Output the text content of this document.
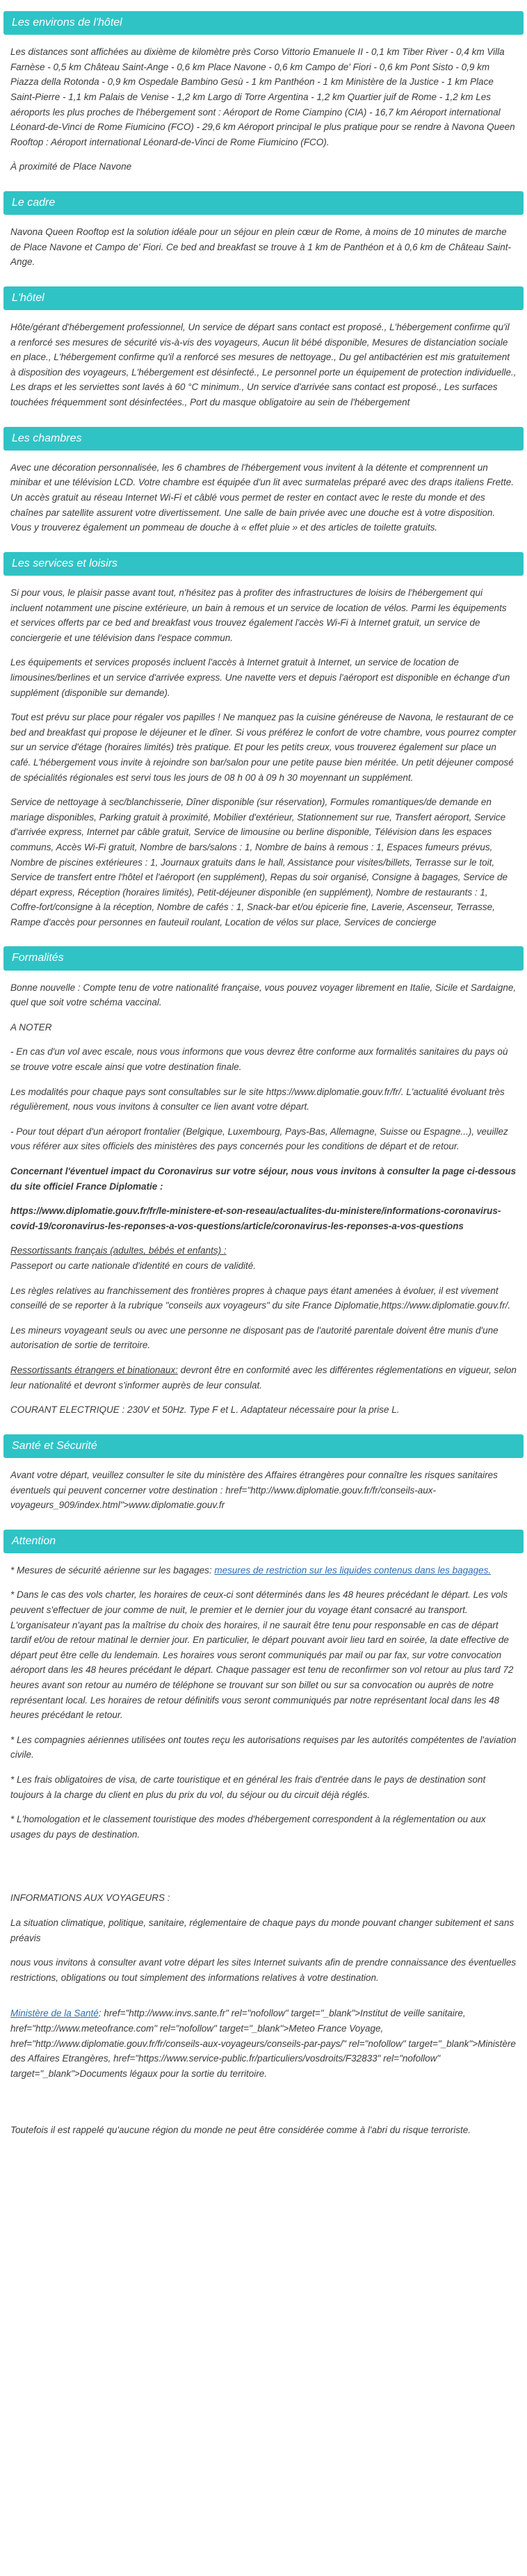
Les environs de l'hôtel

Les distances sont affichées au dixième de kilomètre près Corso Vittorio Emanuele II - 0,1 km Tiber River - 0,4 km Villa Farnèse - 0,5 km Château Saint-Ange - 0,6 km Place Navone - 0,6 km Campo de' Fiori - 0,6 km Pont Sisto - 0,9 km Piazza della Rotonda - 0,9 km Ospedale Bambino Gesù - 1 km Panthéon - 1 km Ministère de la Justice - 1 km Place Saint-Pierre - 1,1 km Palais de Venise - 1,2 km Largo di Torre Argentina - 1,2 km Quartier juif de Rome - 1,2 km Les aéroports les plus proches de l'hébergement sont : Aéroport de Rome Ciampino (CIA) - 16,7 km Aéroport international Léonard-de-Vinci de Rome Fiumicino (FCO) - 29,6 km Aéroport principal le plus pratique pour se rendre à Navona Queen Rooftop : Aéroport international Léonard-de-Vinci de Rome Fiumicino (FCO).

À proximité de Place Navone

Le cadre

Navona Queen Rooftop est la solution idéale pour un séjour en plein cœur de Rome, à moins de 10 minutes de marche de Place Navone et Campo de' Fiori. Ce bed and breakfast se trouve à 1 km de Panthéon et à 0,6 km de Château Saint-Ange.

L'hôtel

Hôte/gérant d'hébergement professionnel, Un service de départ sans contact est proposé., L'hébergement confirme qu'il a renforcé ses mesures de sécurité vis-à-vis des voyageurs, Aucun lit bébé disponible, Mesures de distanciation sociale en place., L'hébergement confirme qu'il a renforcé ses mesures de nettoyage., Du gel antibactérien est mis gratuitement à disposition des voyageurs, L'hébergement est désinfecté., Le personnel porte un équipement de protection individuelle., Les draps et les serviettes sont lavés à 60 °C minimum., Un service d'arrivée sans contact est proposé., Les surfaces touchées fréquemment sont désinfectées., Port du masque obligatoire au sein de l'hébergement

Les chambres

Avec une décoration personnalisée, les 6 chambres de l'hébergement vous invitent à la détente et comprennent un minibar et une télévision LCD. Votre chambre est équipée d'un lit avec surmatelas préparé avec des draps italiens Frette. Un accès gratuit au réseau Internet Wi-Fi et câblé vous permet de rester en contact avec le reste du monde et des chaînes par satellite assurent votre divertissement. Une salle de bain privée avec une douche est à votre disposition. Vous y trouverez également un pommeau de douche à « effet pluie » et des articles de toilette gratuits.

Les services et loisirs

Si pour vous, le plaisir passe avant tout, n'hésitez pas à profiter des infrastructures de loisirs de l'hébergement qui incluent notamment une piscine extérieure, un bain à remous et un service de location de vélos. Parmi les équipements et services offerts par ce bed and breakfast vous trouvez également l'accès Wi-Fi à Internet gratuit, un service de conciergerie et une télévision dans l'espace commun.

Les équipements et services proposés incluent l'accès à Internet gratuit à Internet, un service de location de limousines/berlines et un service d'arrivée express. Une navette vers et depuis l'aéroport est disponible en échange d'un supplément (disponible sur demande).

Tout est prévu sur place pour régaler vos papilles ! Ne manquez pas la cuisine généreuse de Navona, le restaurant de ce bed and breakfast qui propose le déjeuner et le dîner. Si vous préférez le confort de votre chambre, vous pourrez compter sur un service d'étage (horaires limités) très pratique. Et pour les petits creux, vous trouverez également sur place un café. L'hébergement vous invite à rejoindre son bar/salon pour une petite pause bien méritée. Un petit déjeuner composé de spécialités régionales est servi tous les jours de 08 h 00 à 09 h 30 moyennant un supplément.

Service de nettoyage à sec/blanchisserie, Dîner disponible (sur réservation), Formules romantiques/de demande en mariage disponibles, Parking gratuit à proximité, Mobilier d'extérieur, Stationnement sur rue, Transfert aéroport, Service d'arrivée express, Internet par câble gratuit, Service de limousine ou berline disponible, Télévision dans les espaces communs, Accès Wi-Fi gratuit, Nombre de bars/salons : 1, Nombre de bains à remous : 1, Espaces fumeurs prévus, Nombre de piscines extérieures : 1, Journaux gratuits dans le hall, Assistance pour visites/billets, Terrasse sur le toit, Service de transfert entre l'hôtel et l'aéroport (en supplément), Repas du soir organisé, Consigne à bagages, Service de départ express, Réception (horaires limités), Petit-déjeuner disponible (en supplément), Nombre de restaurants : 1, Coffre-fort/consigne à la réception, Nombre de cafés : 1, Snack-bar et/ou épicerie fine, Laverie, Ascenseur, Terrasse, Rampe d'accès pour personnes en fauteuil roulant, Location de vélos sur place, Services de concierge

Formalités

Bonne nouvelle : Compte tenu de votre nationalité française, vous pouvez voyager librement en Italie, Sicile et Sardaigne, quel que soit votre schéma vaccinal.

A NOTER

- En cas d'un vol avec escale, nous vous informons que vous devrez être conforme aux formalités sanitaires du pays où se trouve votre escale ainsi que votre destination finale.

Les modalités pour chaque pays sont consultables sur le site https://www.diplomatie.gouv.fr/fr/. L'actualité évoluant très régulièrement, nous vous invitons à consulter ce lien avant votre départ.

- Pour tout départ d'un aéroport frontalier (Belgique, Luxembourg, Pays-Bas, Allemagne, Suisse ou Espagne...), veuillez vous référer aux sites officiels des ministères des pays concernés pour les conditions de départ et de retour.

Concernant l'éventuel impact du Coronavirus sur votre séjour, nous vous invitons à consulter la page ci-dessous du site officiel France Diplomatie :

https://www.diplomatie.gouv.fr/fr/le-ministere-et-son-reseau/actualites-du-ministere/informations-coronavirus-covid-19/coronavirus-les-reponses-a-vos-questions/article/coronavirus-les-reponses-a-vos-questions

Ressortissants français (adultes, bébés et enfants) :
Passeport ou carte nationale d'identité en cours de validité.

Les règles relatives au franchissement des frontières propres à chaque pays étant amenées à évoluer, il est vivement conseillé de se reporter à la rubrique "conseils aux voyageurs" du site France Diplomatie,https://www.diplomatie.gouv.fr/.

Les mineurs voyageant seuls ou avec une personne ne disposant pas de l'autorité parentale doivent être munis d'une autorisation de sortie de territoire.

Ressortissants étrangers et binationaux: devront être en conformité avec les différentes réglementations en vigueur, selon leur nationalité et devront s'informer auprès de leur consulat.

COURANT ELECTRIQUE : 230V et 50Hz. Type F et L. Adaptateur nécessaire pour la prise L.

Santé et Sécurité

Avant votre départ, veuillez consulter le site du ministère des Affaires étrangères pour connaître les risques sanitaires éventuels qui peuvent concerner votre destination : href="http://www.diplomatie.gouv.fr/fr/conseils-aux-voyageurs_909/index.html">www.diplomatie.gouv.fr

Attention

* Mesures de sécurité aérienne sur les bagages: mesures de restriction sur les liquides contenus dans les bagages.

* Dans le cas des vols charter, les horaires de ceux-ci sont déterminés dans les 48 heures précédant le départ. Les vols peuvent s'effectuer de jour comme de nuit, le premier et le dernier jour du voyage étant consacré au transport. L'organisateur n'ayant pas la maîtrise du choix des horaires, il ne saurait être tenu pour responsable en cas de départ tardif et/ou de retour matinal le dernier jour. En particulier, le départ pouvant avoir lieu tard en soirée, la date effective de départ peut être celle du lendemain. Les horaires vous seront communiqués par mail ou par fax, sur votre convocation aéroport dans les 48 heures précédant le départ. Chaque passager est tenu de reconfirmer son vol retour au plus tard 72 heures avant son retour au numéro de téléphone se trouvant sur son billet ou sur sa convocation ou auprès de notre représentant local. Les horaires de retour définitifs vous seront communiqués par notre représentant local dans les 48 heures précédant le retour.

* Les compagnies aériennes utilisées ont toutes reçu les autorisations requises par les autorités compétentes de l'aviation civile.

* Les frais obligatoires de visa, de carte touristique et en général les frais d'entrée dans le pays de destination sont toujours à la charge du client en plus du prix du vol, du séjour ou du circuit déjà réglés.

* L'homologation et le classement touristique des modes d'hébergement correspondent à la réglementation ou aux usages du pays de destination.

INFORMATIONS AUX VOYAGEURS :

La situation climatique, politique, sanitaire, réglementaire de chaque pays du monde pouvant changer subitement et sans préavis

nous vous invitons à consulter avant votre départ les sites Internet suivants afin de prendre connaissance des éventuelles restrictions, obligations ou tout simplement des informations relatives à votre destination.

Ministère de la Santé: href="http://www.invs.sante.fr" rel="nofollow" target="_blank">Institut de veille sanitaire, href="http://www.meteofrance.com" rel="nofollow" target="_blank">Meteo France Voyage, href="http://www.diplomatie.gouv.fr/fr/conseils-aux-voyageurs/conseils-par-pays/" rel="nofollow" target="_blank">Ministère des Affaires Etrangères, href="https://www.service-public.fr/particuliers/vosdroits/F32833" rel="nofollow" target="_blank">Documents légaux pour la sortie du territoire.

Toutefois il est rappelé qu'aucune région du monde ne peut être considérée comme à l'abri du risque terroriste.
